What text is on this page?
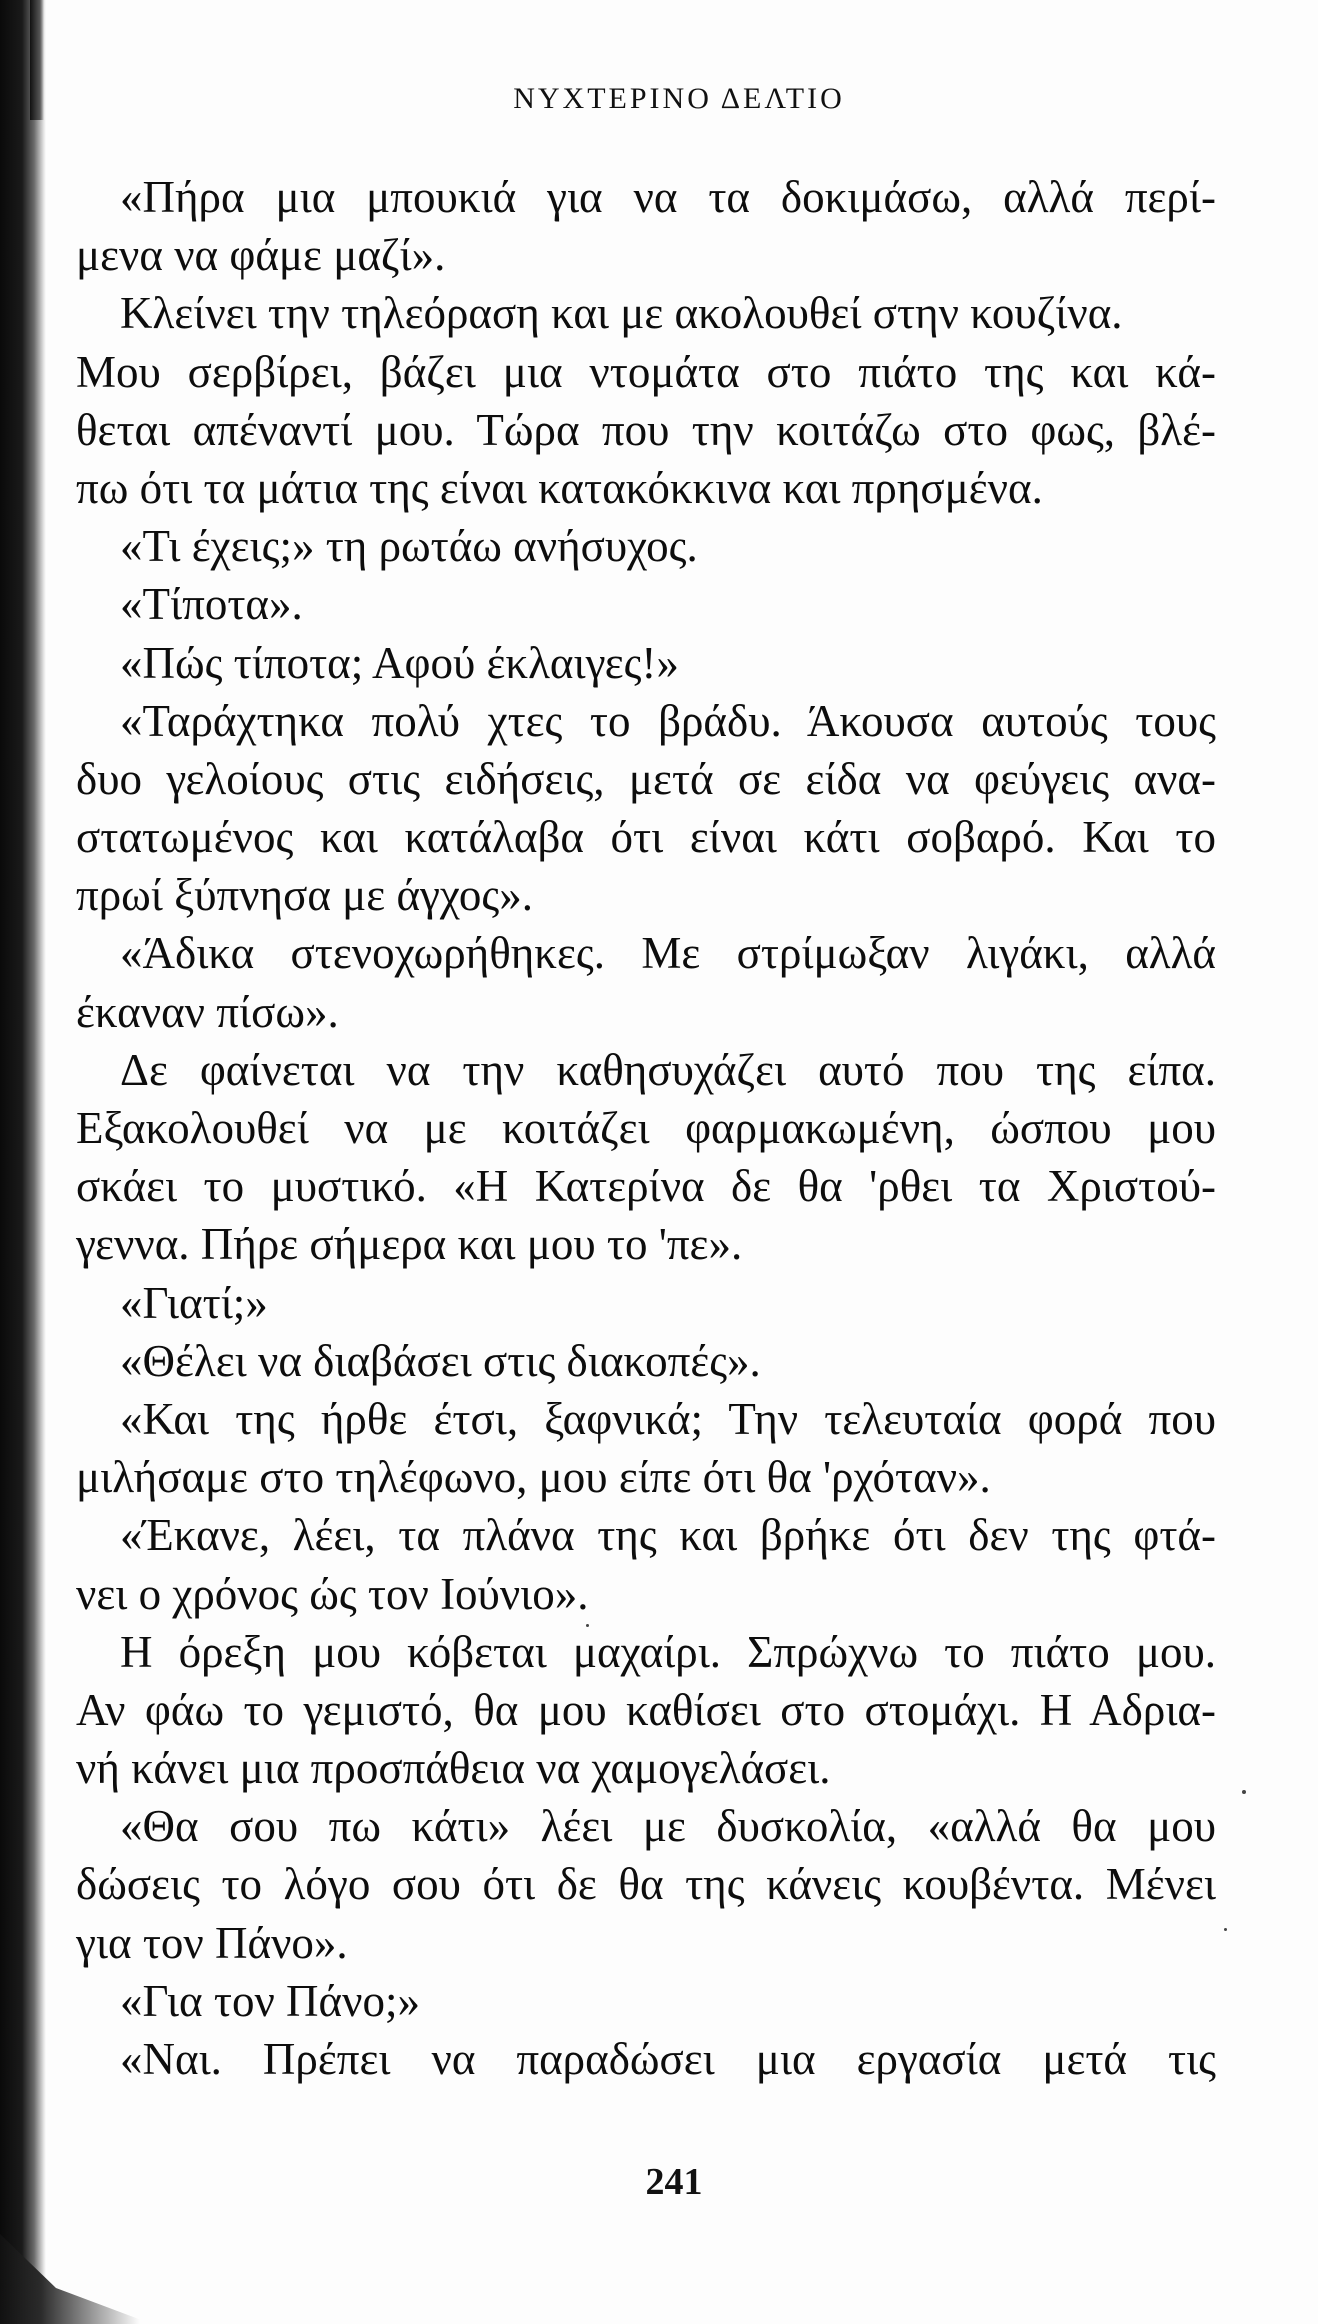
ΝΥΧΤΕΡΙΝΟ ΔΕΛΤΙΟ
«Πήρα μια μπουκιά για να τα δοκιμάσω, αλλά περί-
μενα να φάμε μαζί».
Κλείνει την τηλεόραση και με ακολουθεί στην κουζίνα.
Μου σερβίρει, βάζει μια ντομάτα στο πιάτο της και κά-
θεται απέναντί μου. Τώρα που την κοιτάζω στο φως, βλέ-
πω ότι τα μάτια της είναι κατακόκκινα και πρησμένα.
«Τι έχεις;» τη ρωτάω ανήσυχος.
«Τίποτα».
«Πώς τίποτα; Αφού έκλαιγες!»
«Ταράχτηκα πολύ χτες το βράδυ. Άκουσα αυτούς τους
δυο γελοίους στις ειδήσεις, μετά σε είδα να φεύγεις ανα-
στατωμένος και κατάλαβα ότι είναι κάτι σοβαρό. Και το
πρωί ξύπνησα με άγχος».
«Άδικα στενοχωρήθηκες. Με στρίμωξαν λιγάκι, αλλά
έκαναν πίσω».
Δε φαίνεται να την καθησυχάζει αυτό που της είπα.
Εξακολουθεί να με κοιτάζει φαρμακωμένη, ώσπου μου
σκάει το μυστικό. «Η Κατερίνα δε θα 'ρθει τα Χριστού-
γεννα. Πήρε σήμερα και μου το 'πε».
«Γιατί;»
«Θέλει να διαβάσει στις διακοπές».
«Και της ήρθε έτσι, ξαφνικά; Την τελευταία φορά που
μιλήσαμε στο τηλέφωνο, μου είπε ότι θα 'ρχόταν».
«Έκανε, λέει, τα πλάνα της και βρήκε ότι δεν της φτά-
νει ο χρόνος ώς τον Ιούνιο».
Η όρεξη μου κόβεται μαχαίρι. Σπρώχνω το πιάτο μου.
Αν φάω το γεμιστό, θα μου καθίσει στο στομάχι. Η Αδρια-
νή κάνει μια προσπάθεια να χαμογελάσει.
«Θα σου πω κάτι» λέει με δυσκολία, «αλλά θα μου
δώσεις το λόγο σου ότι δε θα της κάνεις κουβέντα. Μένει
για τον Πάνο».
«Για τον Πάνο;»
«Ναι. Πρέπει να παραδώσει μια εργασία μετά τις
241
